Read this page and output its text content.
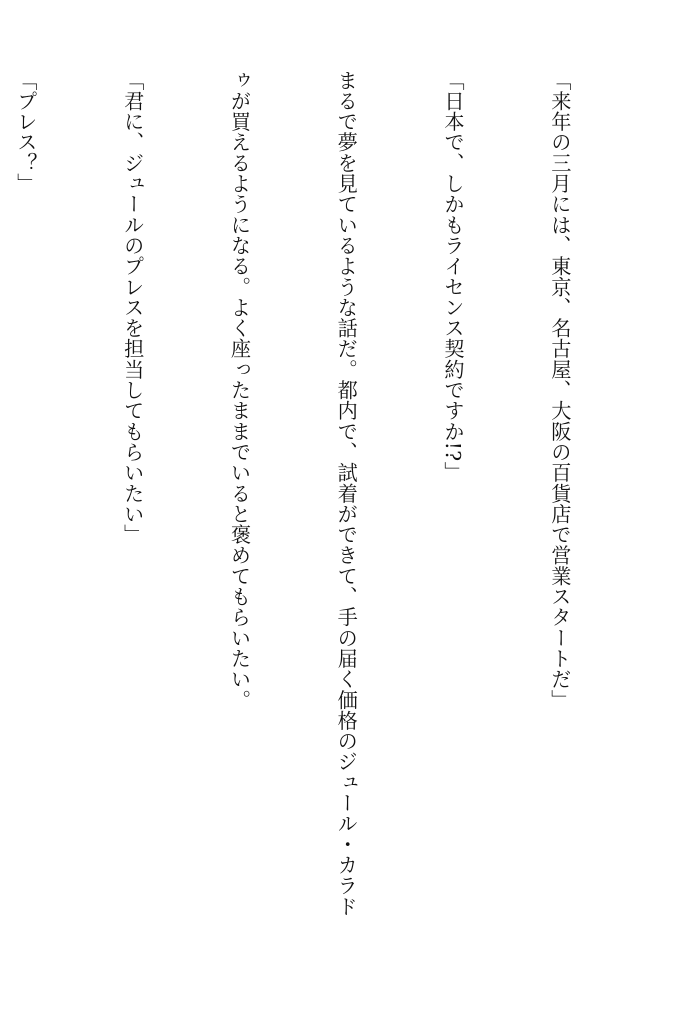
「来年の三月には、東京、名古屋、大阪の百貨店で営業スタートだ」

「日本で、しかもライセンス契約ですか!?」

まるで夢を見ているような話だ。都内で、試着ができて、手の届く価格のジュール・カラド

ゥが買えるようになる。よく座ったままでいると褒めてもらいたい。

「君に、ジュールのプレスを担当してもらいたい」

「プレス？」
